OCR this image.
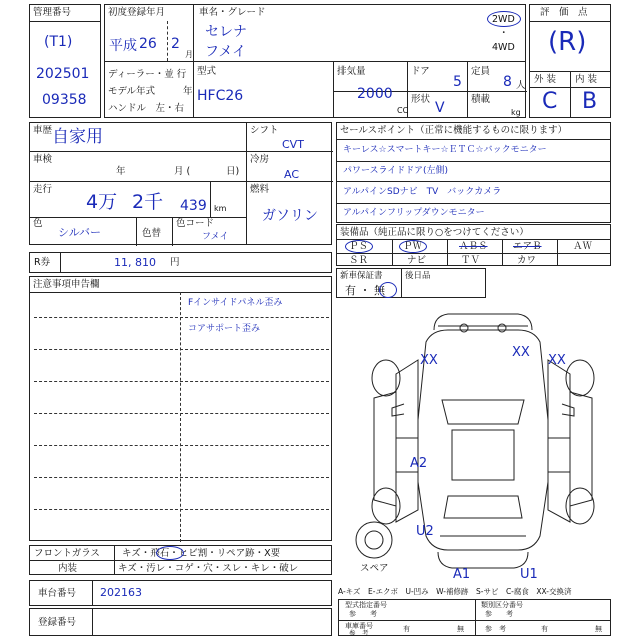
管理番号
(T1)
202501
09358
初度登録年月
平成 26 2
月
車名・グレード
セレナ
フメイ
2WD
・
4WD
ディーラー・並 行
モデル年式	年
ハンドル　左・右
型式
HFC26
排気量
2000
CC
ドア
5
定員
8 人
形状
V
積載
kg
評　価　点
(R)
外 装 内 装
C B
車歴 自家用
車検
年	月 (	日)
走行
4万 2千 439 km
色
シルバー	色替
色コード
フメイ
シフト
CVT
冷房
AC
燃料
ガソリン
R券	11, 810 円
セールスポイント（正常に機能するものに限ります）
キーレス☆スマートキー☆ＥＴＣ☆バックモニター
パワースライドドア(左側)
アルパインSDナビ　TV　バックカメラ
アルパインフリップダウンモニター
装備品（純正品に限り○をつけてください）
ＰＳ	ＰＷ	ＡＢＳ	エアＢ	ＡＷ
ＳＲ	ナビ	ＴＶ	カワ
新車保証書	後日品
有 ・ 無
注意事項申告欄
Fインサイドパネル歪み
コアサポート歪み
XX
XX
XX
A2
U2
A1	U1
スペア
フロントガラス キズ・飛石・ヒビ割・リペア跡・X要
内装	キズ・汚レ・コゲ・穴・スレ・キレ・破レ
車台番号 202163
登録番号
A-キズ　E-エクボ　U-凹み　W-補修跡　S-サビ　C-腐食　XX-交換済
型式指定番号
参　　考
類別区分番号
参　　考
車庫番号
参　考	有	無	参　考	有	無
